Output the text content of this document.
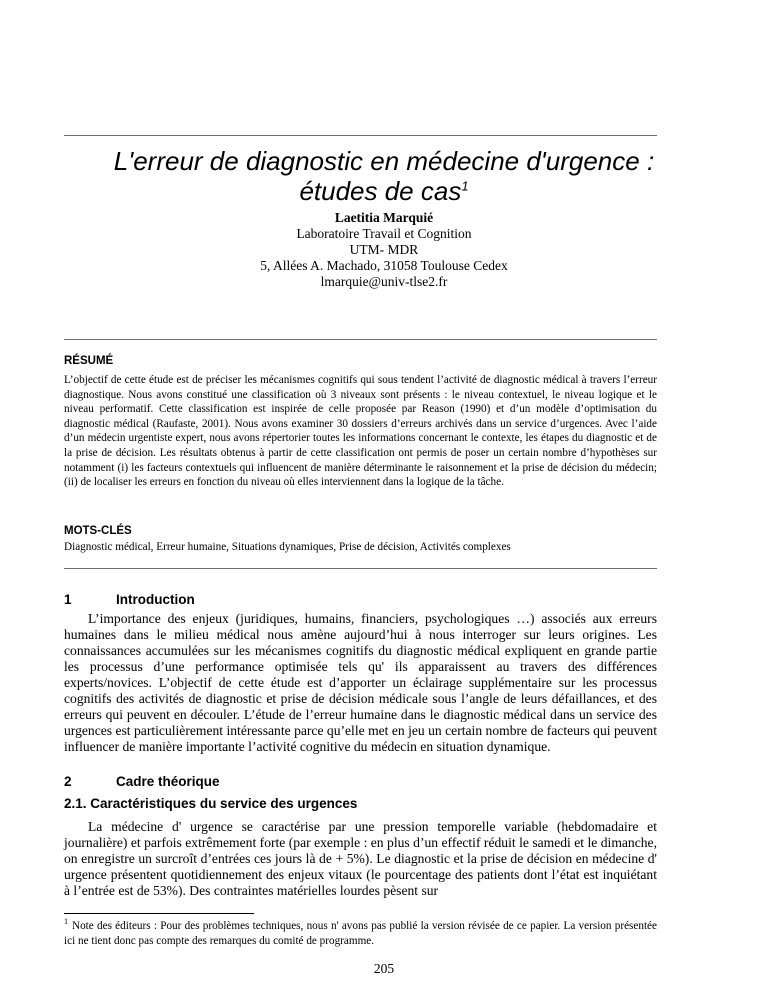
L'erreur de diagnostic en médecine d'urgence :
études de cas$^1$
Laetitia Marquié
Laboratoire Travail et Cognition
UTM- MDR
5, Allées A. Machado, 31058 Toulouse Cedex
lmarquie@univ-tlse2.fr
RÉSUMÉ
L’objectif de cette étude est de préciser les mécanismes cognitifs qui sous tendent l’activité de diagnostic médical à travers l’erreur diagnostique. Nous avons constitué une classification où 3 niveaux sont présents : le niveau contextuel, le niveau logique et le niveau performatif. Cette classification est inspirée de celle proposée par Reason (1990) et d’un modèle d’optimisation du diagnostic médical (Raufaste, 2001). Nous avons examiner 30 dossiers d’erreurs archivés dans un service d’urgences. Avec l’aide d’un médecin urgentiste expert, nous avons répertorier toutes les informations concernant le contexte, les étapes du diagnostic et de la prise de décision. Les résultats obtenus à partir de cette classification ont permis de poser un certain nombre d’hypothèses sur notamment (i) les facteurs contextuels qui influencent de manière déterminante le raisonnement et la prise de décision du médecin; (ii) de localiser les erreurs en fonction du niveau où elles interviennent dans la logique de la tâche.
MOTS-CLÉS
Diagnostic médical, Erreur humaine, Situations dynamiques, Prise de décision, Activités complexes
1	Introduction
L’importance des enjeux (juridiques, humains, financiers, psychologiques …) associés aux erreurs humaines dans le milieu médical nous amène aujourd’hui à nous interroger sur leurs origines. Les connaissances accumulées sur les mécanismes cognitifs du diagnostic médical expliquent en grande partie les processus d’une performance optimisée tels qu' ils apparaissent au travers des différences experts/novices. L’objectif de cette étude est d’apporter un éclairage supplémentaire sur les processus cognitifs des activités de diagnostic et prise de décision médicale sous l’angle de leurs défaillances, et des erreurs qui peuvent en découler. L’étude de l’erreur humaine dans le diagnostic médical dans un service des urgences est particulièrement intéressante parce qu’elle met en jeu un certain nombre de facteurs qui peuvent influencer de manière importante l’activité cognitive du médecin en situation dynamique.
2	Cadre théorique
2.1. Caractéristiques du service des urgences
La médecine d' urgence se caractérise par une pression temporelle variable (hebdomadaire et journalière) et parfois extrêmement forte (par exemple : en plus d’un effectif réduit le samedi et le dimanche, on enregistre un surcroît d’entrées ces jours là de + 5%). Le diagnostic et la prise de décision en médecine d' urgence présentent quotidiennement des enjeux vitaux (le pourcentage des patients dont l’état est inquiétant à l’entrée est de 53%). Des contraintes matérielles lourdes pèsent sur
$^1$ Note des éditeurs : Pour des problèmes techniques, nous n' avons pas publié la version révisée de ce papier. La version présentée ici ne tient donc pas compte des remarques du comité de programme.
205
